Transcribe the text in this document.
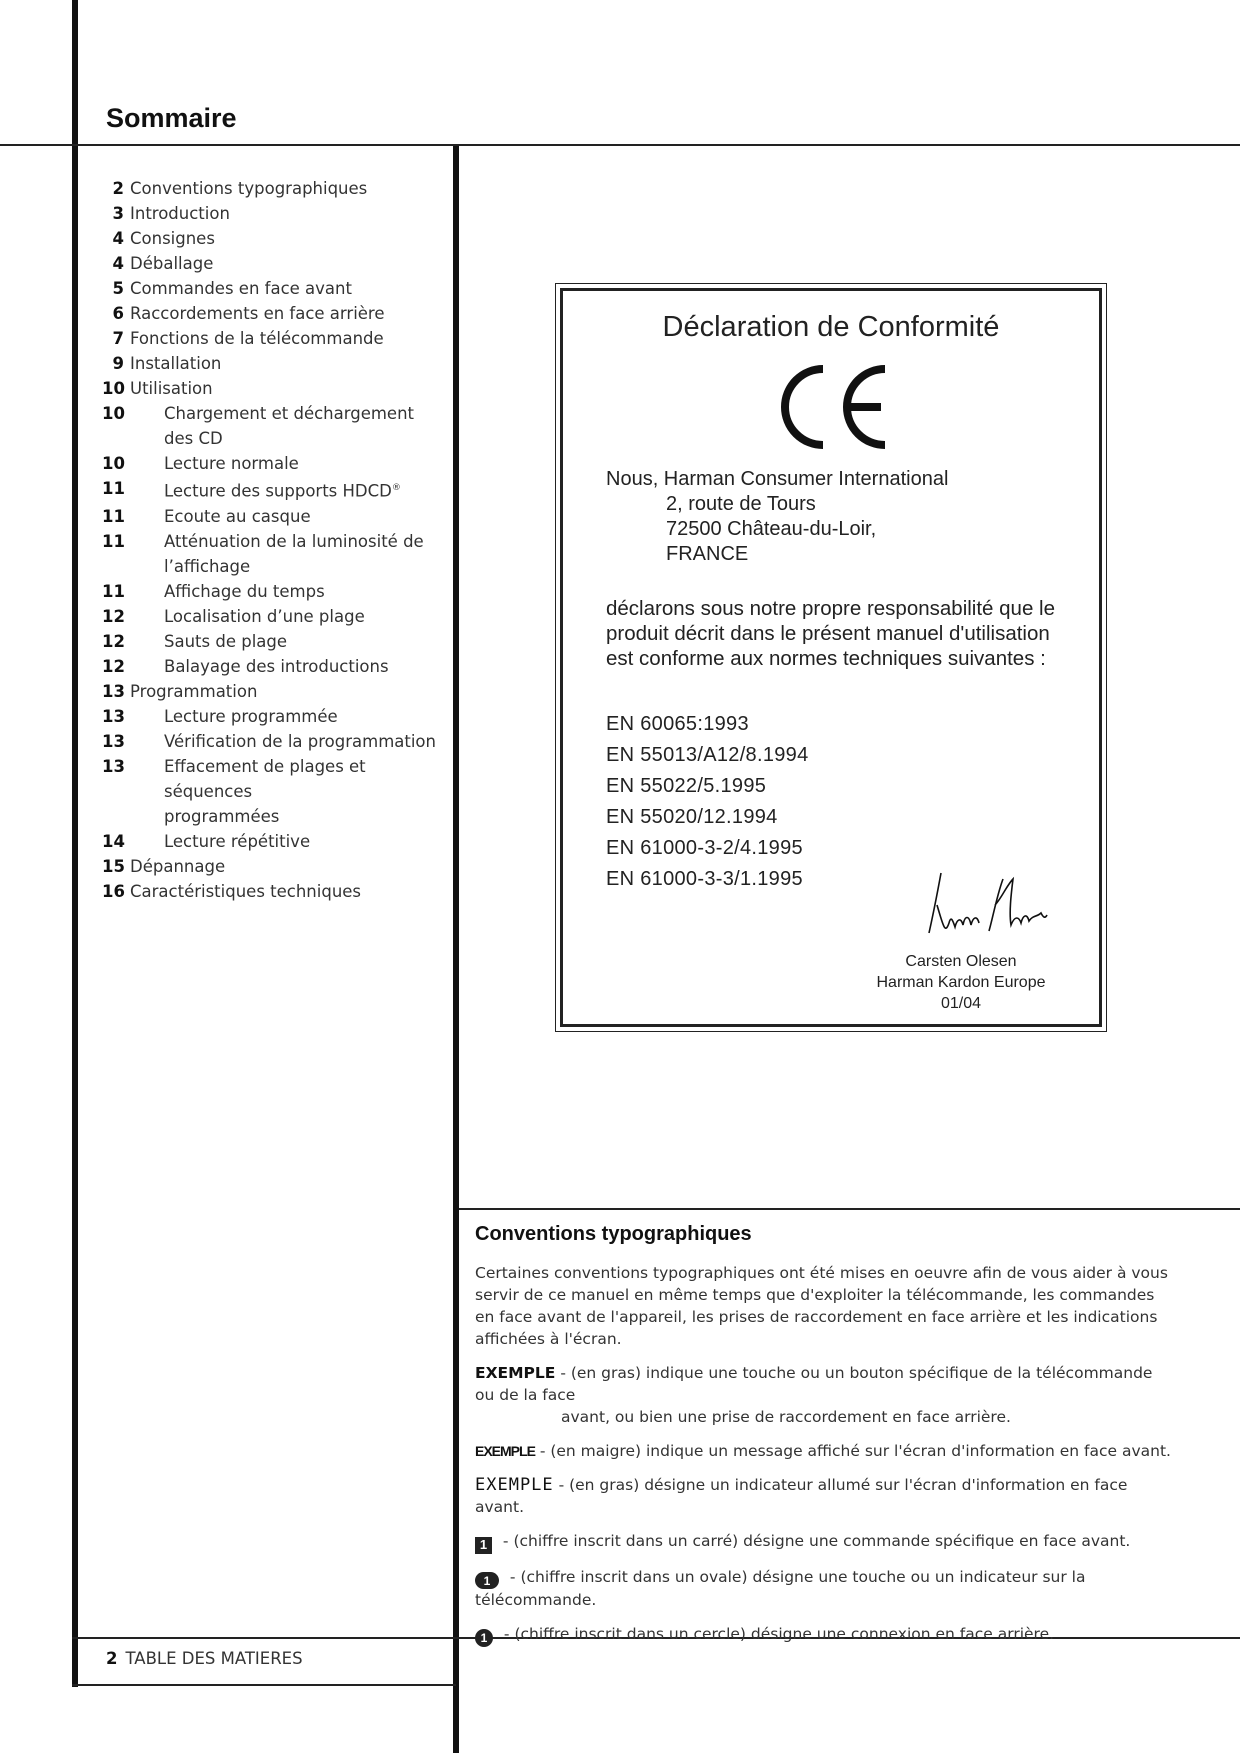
Sommaire
2 Conventions typographiques
3 Introduction
4 Consignes
4 Déballage
5 Commandes en face avant
6 Raccordements en face arrière
7 Fonctions de la télécommande
9 Installation
10 Utilisation
10	Chargement et déchargement des CD
10	Lecture normale
11	Lecture des supports HDCD®
11	Ecoute au casque
11	Atténuation de la luminosité de
l’affichage
11	Affichage du temps
12	Localisation d’une plage
12	Sauts de plage
12	Balayage des introductions
13 Programmation
13	Lecture programmée
13	Vérification de la programmation
13	Effacement de plages et séquences
programmées
14	Lecture répétitive
15 Dépannage
16 Caractéristiques techniques
Déclaration de Conformité
Nous, Harman Consumer International

2, route de Tours
72500 Château-du-Loir,
FRANCE
déclarons sous notre propre responsabilité que le produit décrit dans le présent manuel d'utilisation est conforme aux normes techniques suivantes :
EN 60065:1993
EN 55013/A12/8.1994
EN 55022/5.1995
EN 55020/12.1994
EN 61000-3-2/4.1995
EN 61000-3-3/1.1995
Carsten Olesen
Harman Kardon Europe
01/04
Conventions typographiques

Certaines conventions typographiques ont été mises en oeuvre afin de vous aider à vous servir de ce manuel en même temps que d'exploiter la télécommande, les commandes en face avant de l'appareil, les prises de raccordement en face arrière et les indications affichées à l'écran.

EXEMPLE - (en gras) indique une touche ou un bouton spécifique de la télécommande ou de la face
avant, ou bien une prise de raccordement en face arrière.
EXEMPLE - (en maigre) indique un message affiché sur l'écran d'information en face avant.
EXEMPLE - (en gras) désigne un indicateur allumé sur l'écran d'information en face avant.
1 - (chiffre inscrit dans un carré) désigne une commande spécifique en face avant.
1 - (chiffre inscrit dans un ovale) désigne une touche ou un indicateur sur la télécommande.
1 - (chiffre inscrit dans un cercle) désigne une connexion en face arrière.
2 TABLE DES MATIERES
